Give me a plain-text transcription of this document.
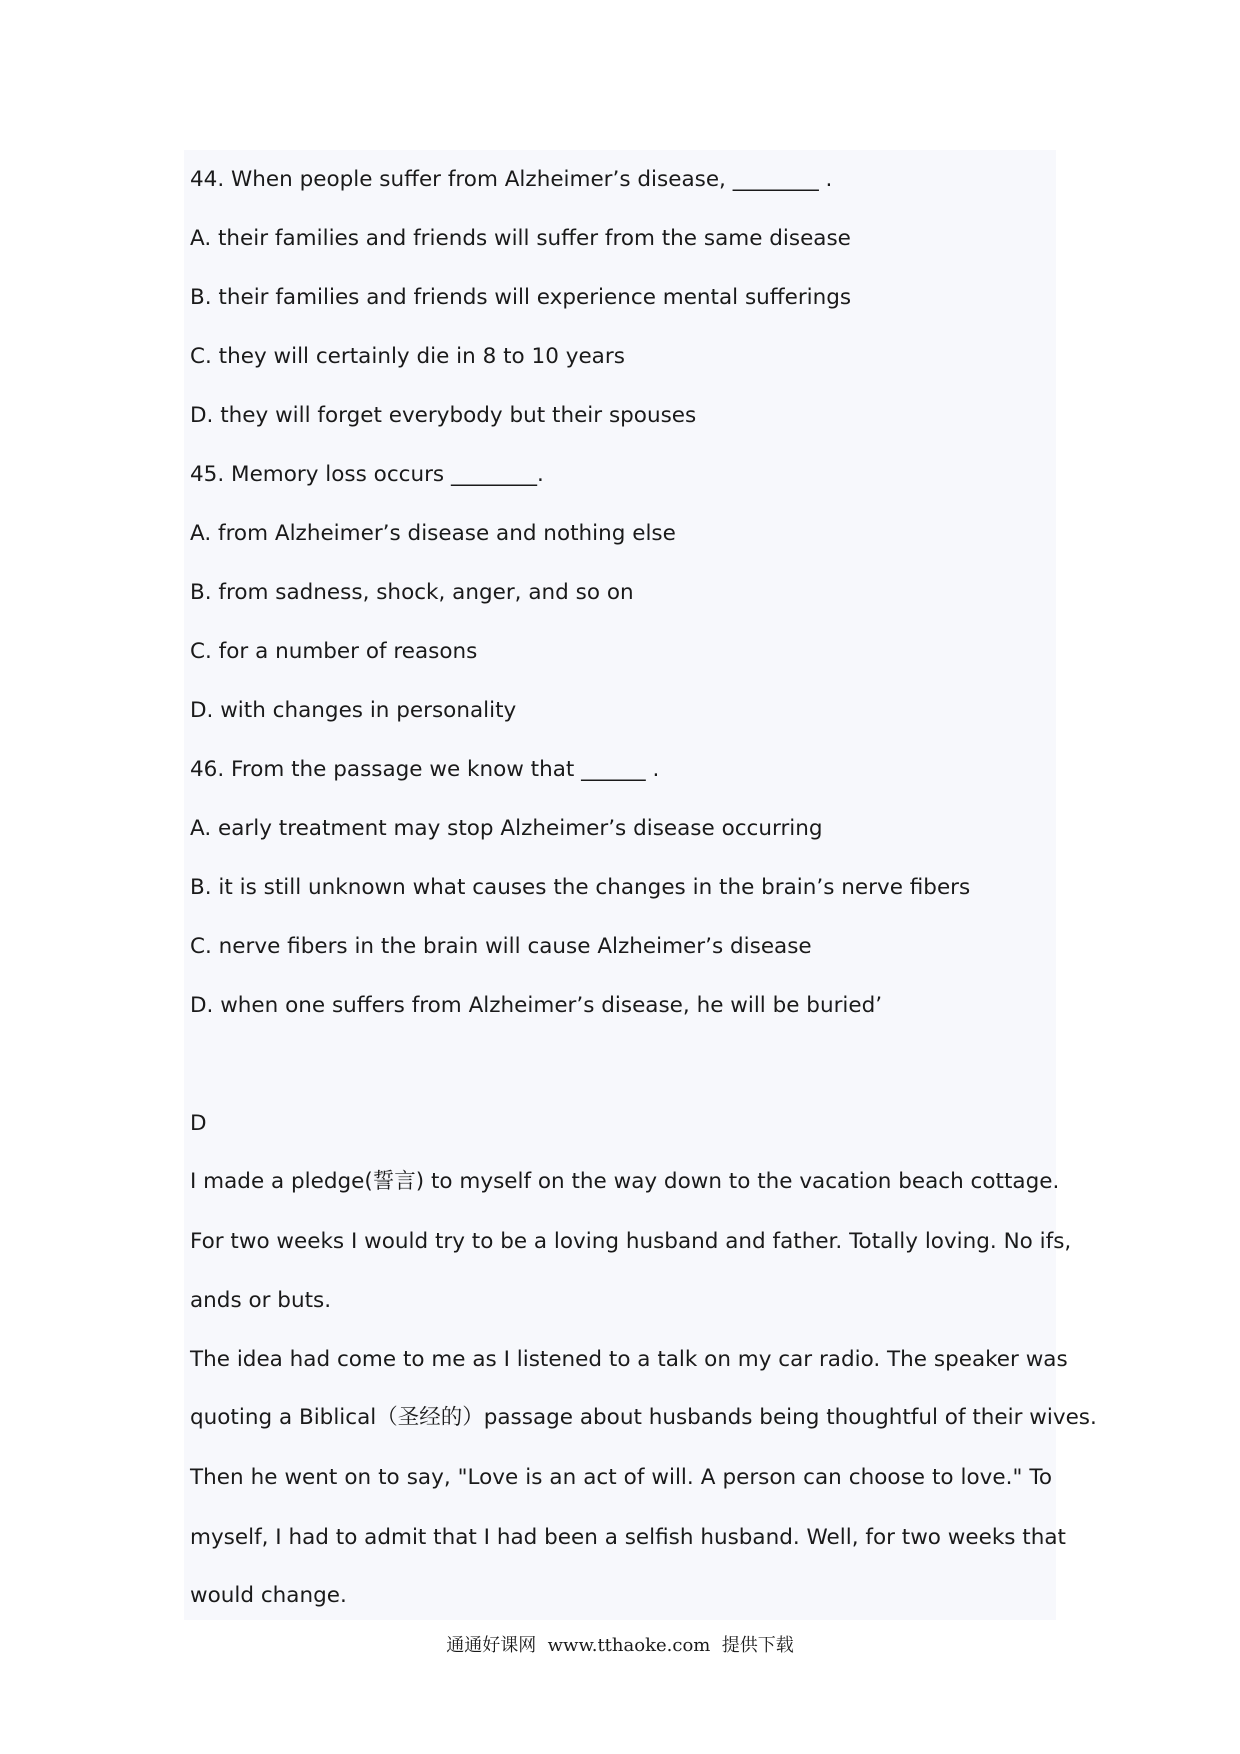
44. When people suffer from Alzheimer’s disease, ________ .
A. their families and friends will suffer from the same disease
B. their families and friends will experience mental sufferings
C. they will certainly die in 8 to 10 years
D. they will forget everybody but their spouses
45. Memory loss occurs ________.
A. from Alzheimer’s disease and nothing else
B. from sadness, shock, anger, and so on
C. for a number of reasons
D. with changes in personality
46. From the passage we know that ______ .
A. early treatment may stop Alzheimer’s disease occurring
B. it is still unknown what causes the changes in the brain’s nerve fibers
C. nerve fibers in the brain will cause Alzheimer’s disease
D. when one suffers from Alzheimer’s disease, he will be buried’
D
I made a pledge(誓言) to myself on the way down to the vacation beach cottage.
For two weeks I would try to be a loving husband and father. Totally loving. No ifs,
ands or buts.
The idea had come to me as I listened to a talk on my car radio. The speaker was
quoting a Biblical（圣经的）passage about husbands being thoughtful of their wives.
Then he went on to say, "Love is an act of will. A person can choose to love." To
myself, I had to admit that I had been a selfish husband. Well, for two weeks that
would change.
通通好课网  www.tthaoke.com  提供下载
